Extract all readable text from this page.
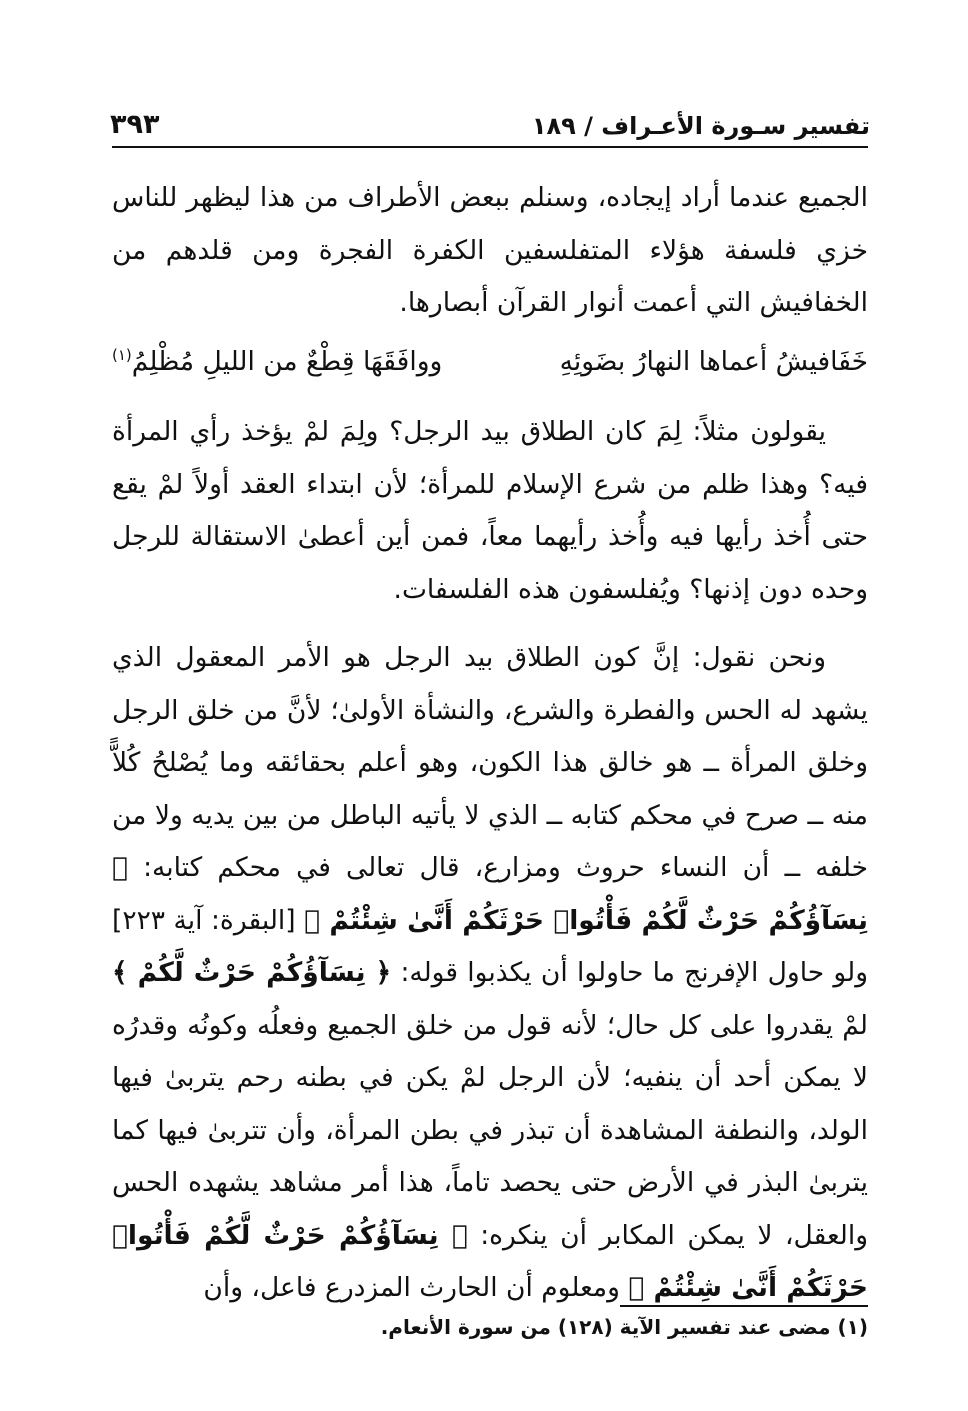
تفسير سـورة الأعـراف / ١٨٩
٣٩٣

الجميع عندما أراد إيجاده، وسنلم ببعض الأطراف من هذا ليظهر للناس خزي فلسفة هؤلاء المتفلسفين الكفرة الفجرة ومن قلدهم من الخفافيش التي أعمت أنوار القرآن أبصارها.

خَفَافيشُ أعماها النهارُ بضَوئِهِ
ووافَقَهَا قِطْعٌ من الليلِ مُظْلِمُ$^{(١)}$

يقولون مثلاً: لِمَ كان الطلاق بيد الرجل؟ ولِمَ لمْ يؤخذ رأي المرأة فيه؟ وهذا ظلم من شرع الإسلام للمرأة؛ لأن ابتداء العقد أولاً لمْ يقع حتى أُخذ رأيها فيه وأُخذ رأيهما معاً، فمن أين أعطىٰ الاستقالة للرجل وحده دون إذنها؟ ويُفلسفون هذه الفلسفات.

ونحن نقول: إنَّ كون الطلاق بيد الرجل هو الأمر المعقول الذي يشهد له الحس والفطرة والشرع، والنشأة الأولىٰ؛ لأنَّ من خلق الرجل وخلق المرأة ــ هو خالق هذا الكون، وهو أعلم بحقائقه وما يُصْلحُ كُلاًّ منه ــ صرح في محكم كتابه ــ الذي لا يأتيه الباطل من بين يديه ولا من خلفه ــ أن النساء حروث ومزارع، قال تعالى في محكم كتابه: ﴿ نِسَآؤُكُمْ حَرْثٌ لَّكُمْ فَأْتُوا۟ حَرْثَكُمْ أَنَّىٰ شِئْتُمْ ﴾ [البقرة: آية ٢٢٣] ولو حاول الإفرنج ما حاولوا أن يكذبوا قوله: ﴿ نِسَآؤُكُمْ حَرْثٌ لَّكُمْ ﴾ لمْ يقدروا على كل حال؛ لأنه قول من خلق الجميع وفعلُه وكونُه وقدرُه لا يمكن أحد أن ينفيه؛ لأن الرجل لمْ يكن في بطنه رحم يتربىٰ فيها الولد، والنطفة المشاهدة أن تبذر في بطن المرأة، وأن تتربىٰ فيها كما يتربىٰ البذر في الأرض حتى يحصد تاماً، هذا أمر مشاهد يشهده الحس والعقل، لا يمكن المكابر أن ينكره: ﴿ نِسَآؤُكُمْ حَرْثٌ لَّكُمْ فَأْتُوا۟ حَرْثَكُمْ أَنَّىٰ شِئْتُمْ ﴾ ومعلوم أن الحارث المزدرع فاعل، وأن

(١) مضى عند تفسير الآية (١٢٨) من سورة الأنعام.
